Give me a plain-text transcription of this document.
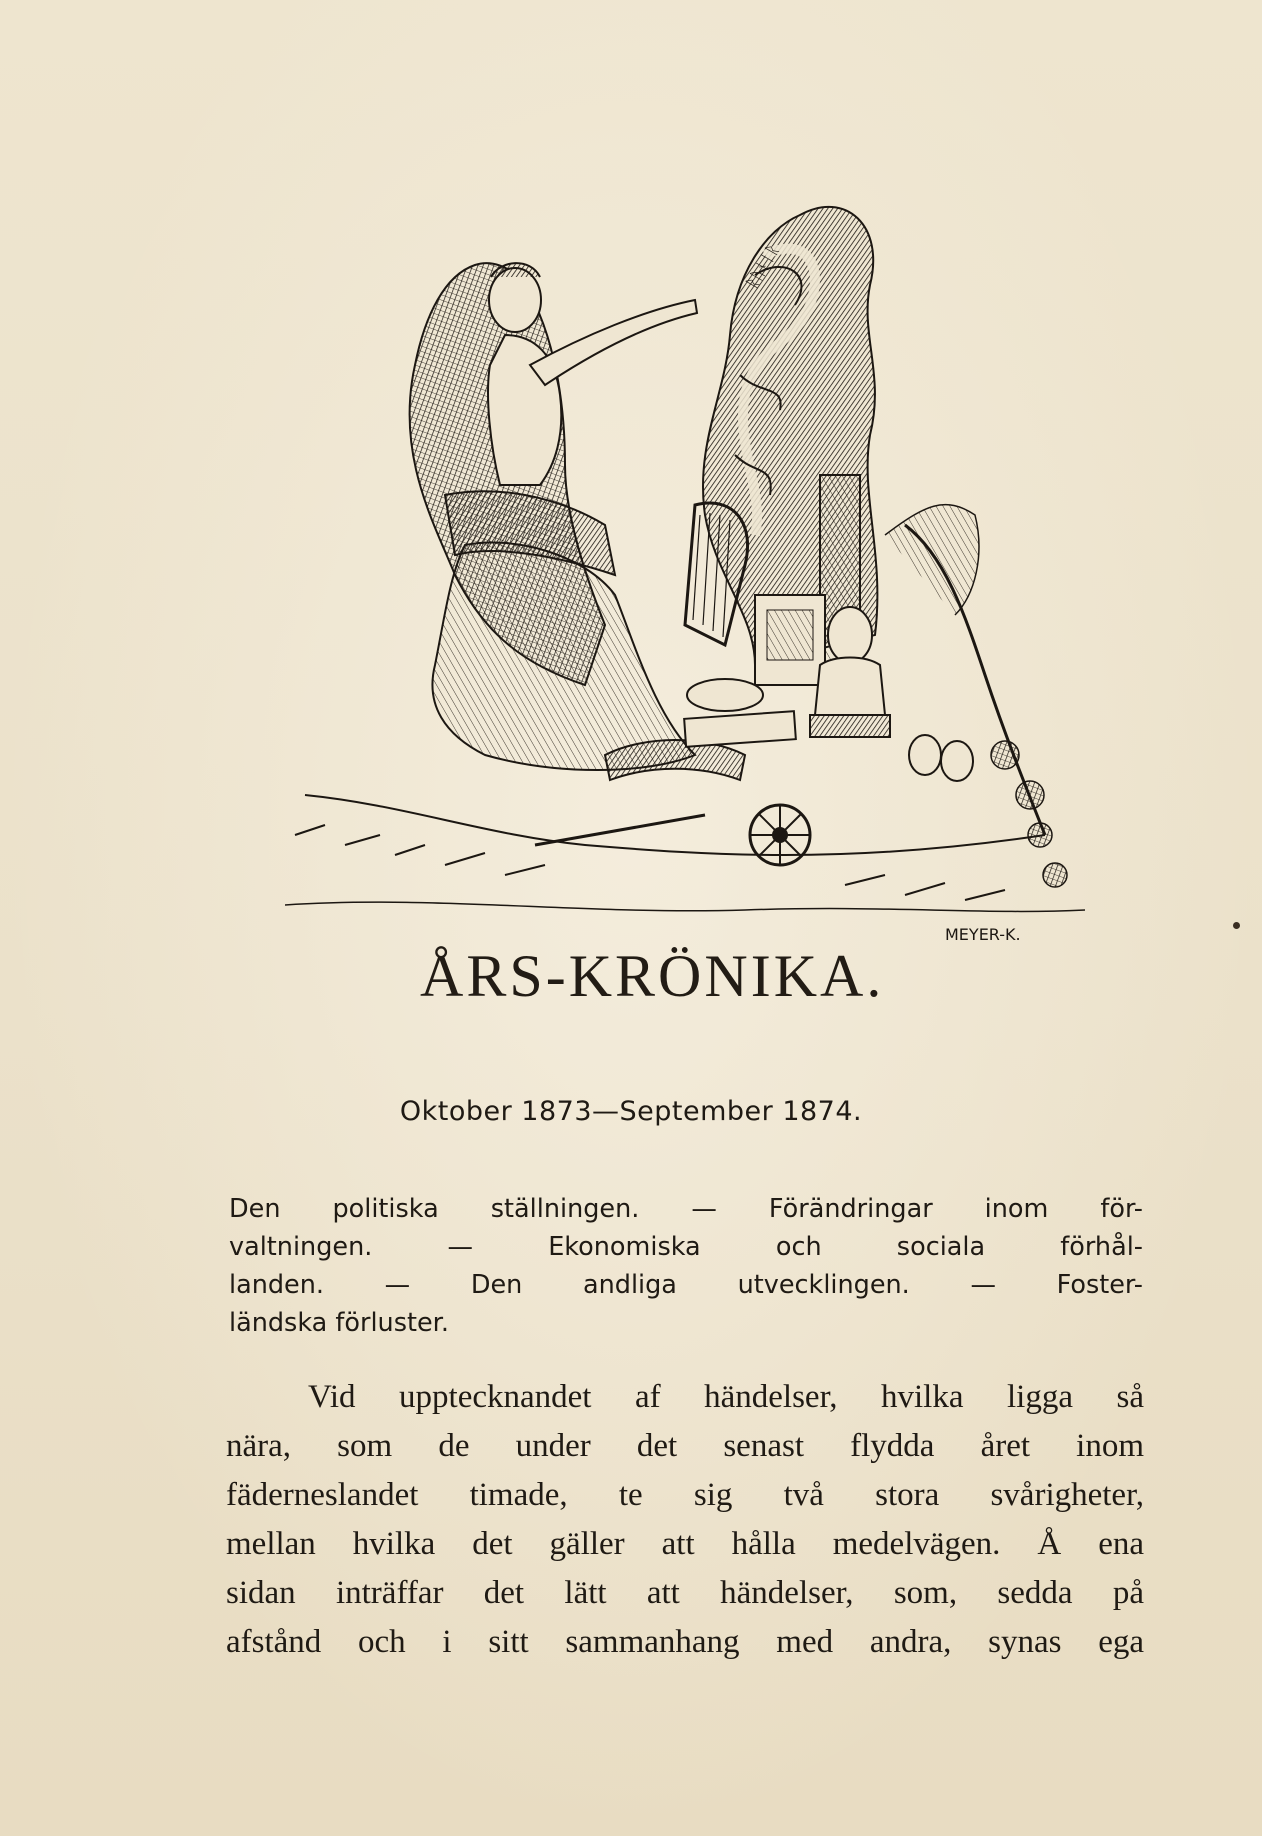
ᚱᚢᚾᛁᚱ
MEYER-K.
ÅRS-KRÖNIKA.
Oktober 1873—September 1874.
Den politiska ställningen. — Förändringar inom för-
valtningen. — Ekonomiska och sociala förhål-
landen. — Den andliga utvecklingen. — Foster-
ländska förluster.
Vid upptecknandet af händelser, hvilka ligga så
nära, som de under det senast flydda året inom
fäderneslandet timade, te sig två stora svårigheter,
mellan hvilka det gäller att hålla medelvägen. Å ena
sidan inträffar det lätt att händelser, som, sedda på
afstånd och i sitt sammanhang med andra, synas ega
